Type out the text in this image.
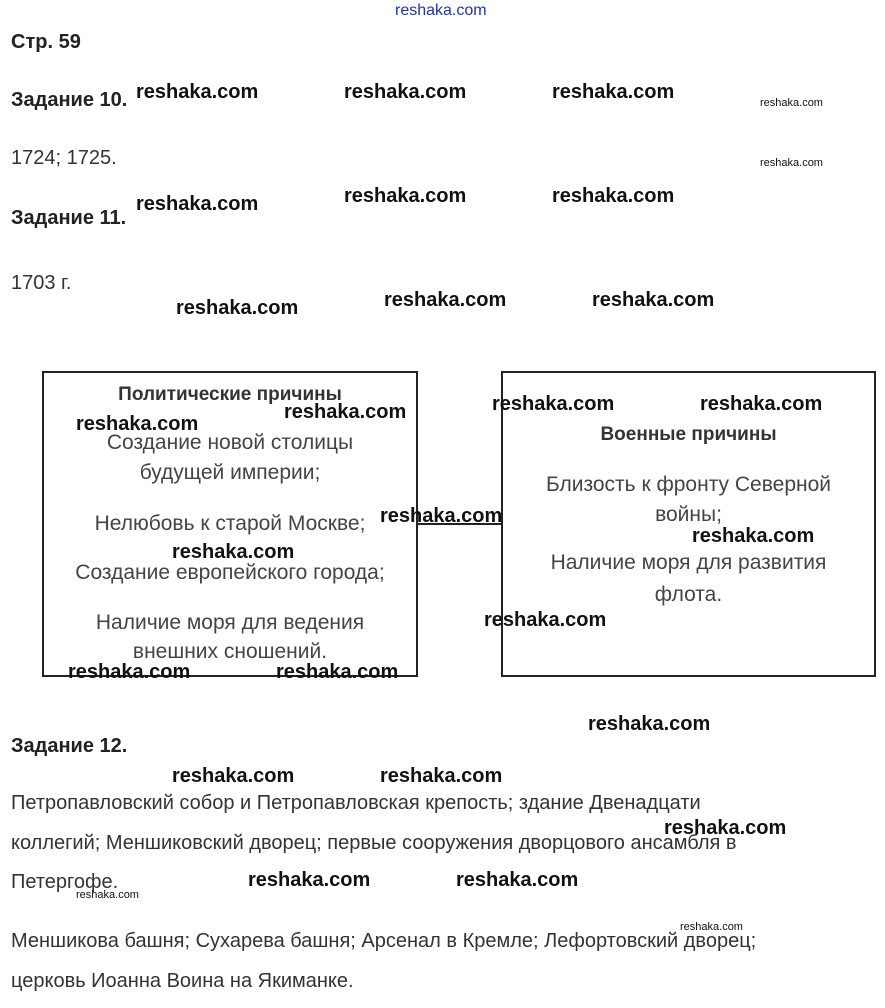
reshaka.com
Стр. 59
Задание 10.
1724; 1725.
Задание 11.
1703 г.
Политические причины
Создание новой столицы
будущей империи;
Нелюбовь к старой Москве;
Создание европейского города;
Наличие моря для ведения
внешних сношений.
Военные причины
Близость к фронту Северной
войны;
Наличие моря для развития
флота.
Задание 12.
Петропавловский собор и Петропавловская крепость; здание Двенадцати
коллегий; Меншиковский дворец; первые сооружения дворцового ансамбля в
Петергофе.
Меншикова башня; Сухарева башня; Арсенал в Кремле; Лефортовский дворец;
церковь Иоанна Воина на Якиманке.
reshaka.com	reshaka.com	reshaka.com	reshaka.com
reshaka.com
reshaka.com	reshaka.com	reshaka.com
reshaka.com	reshaka.com	reshaka.com
reshaka.com	reshaka.com	reshaka.com
reshaka.com
reshaka.com
reshaka.com
reshaka.com
reshaka.com
reshaka.com	reshaka.com
reshaka.com
reshaka.com	reshaka.com
reshaka.com
reshaka.com	reshaka.com
reshaka.com
reshaka.com
